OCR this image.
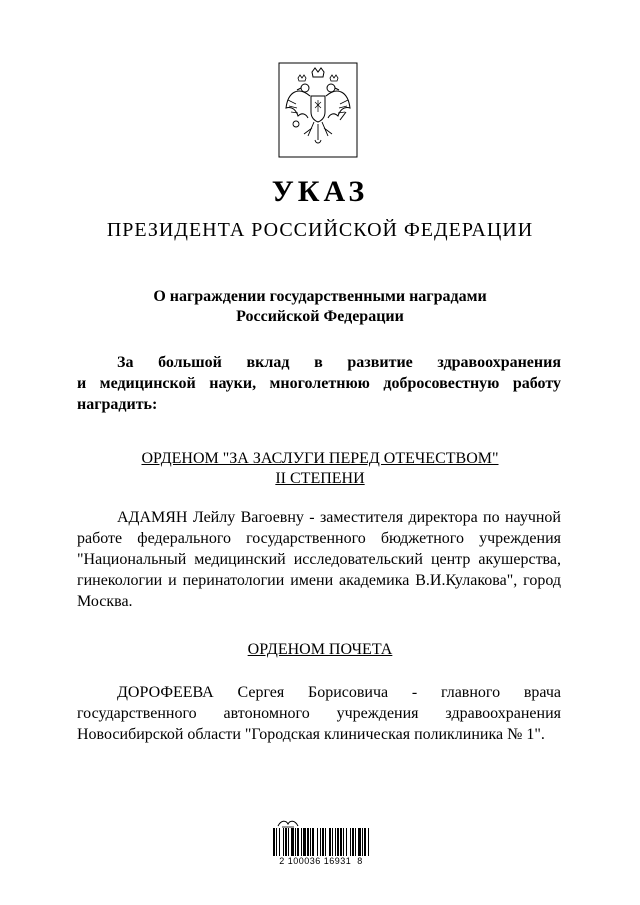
УКАЗ
ПРЕЗИДЕНТА РОССИЙСКОЙ ФЕДЕРАЦИИ
О награждении государственными наградами
Российской Федерации
За большой вклад в развитие здравоохранения
и медицинской науки, многолетнюю добросовестную работу
наградить:
ОРДЕНОМ "ЗА ЗАСЛУГИ ПЕРЕД ОТЕЧЕСТВОМ"
II СТЕПЕНИ
АДАМЯН Лейлу Вагоевну - заместителя директора по научной
работе федерального государственного бюджетного учреждения
"Национальный медицинский исследовательский центр акушерства,
гинекологии и перинатологии имени академика В.И.Кулакова", город
Москва.
ОРДЕНОМ ПОЧЕТА
ДОРОФЕЕВА Сергея Борисовича - главного врача
государственного автономного учреждения здравоохранения
Новосибирской области "Городская клиническая поликлиника № 1".
2 100036 16931  8
